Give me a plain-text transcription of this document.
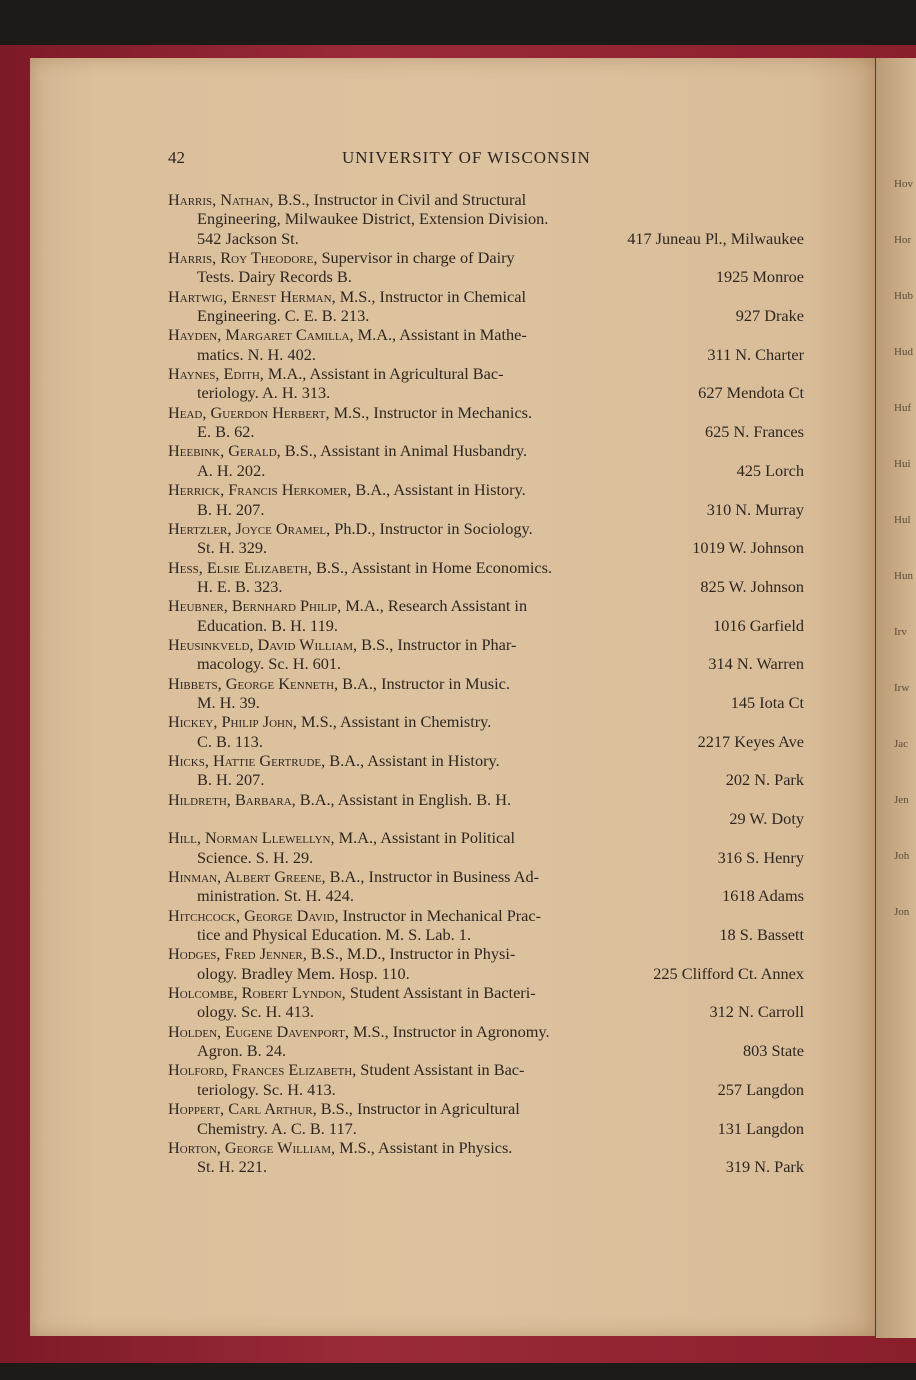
Hov
Hor
Hub
Hud
Huf
Hui
Hul
Hun
Irv
Irw
Jac
Jen
Joh
Jon
42	UNIVERSITY OF WISCONSIN
Harris, Nathan, B.S., Instructor in Civil and Structural
Engineering, Milwaukee District, Extension Division.
542 Jackson St.	417 Juneau Pl., Milwaukee
Harris, Roy Theodore, Supervisor in charge of Dairy
Tests. Dairy Records B.	1925 Monroe
Hartwig, Ernest Herman, M.S., Instructor in Chemical
Engineering. C. E. B. 213.	927 Drake
Hayden, Margaret Camilla, M.A., Assistant in Mathe-
matics. N. H. 402.	311 N. Charter
Haynes, Edith, M.A., Assistant in Agricultural Bac-
teriology. A. H. 313.	627 Mendota Ct
Head, Guerdon Herbert, M.S., Instructor in Mechanics.
E. B. 62.	625 N. Frances
Heebink, Gerald, B.S., Assistant in Animal Husbandry.
A. H. 202.	425 Lorch
Herrick, Francis Herkomer, B.A., Assistant in History.
B. H. 207.	310 N. Murray
Hertzler, Joyce Oramel, Ph.D., Instructor in Sociology.
St. H. 329.	1019 W. Johnson
Hess, Elsie Elizabeth, B.S., Assistant in Home Economics.
H. E. B. 323.	825 W. Johnson
Heubner, Bernhard Philip, M.A., Research Assistant in
Education. B. H. 119.	1016 Garfield
Heusinkveld, David William, B.S., Instructor in Phar-
macology. Sc. H. 601.	314 N. Warren
Hibbets, George Kenneth, B.A., Instructor in Music.
M. H. 39.	145 Iota Ct
Hickey, Philip John, M.S., Assistant in Chemistry.
C. B. 113.	2217 Keyes Ave
Hicks, Hattie Gertrude, B.A., Assistant in History.
B. H. 207.	202 N. Park
Hildreth, Barbara, B.A., Assistant in English. B. H.
29 W. Doty
Hill, Norman Llewellyn, M.A., Assistant in Political
Science. S. H. 29.	316 S. Henry
Hinman, Albert Greene, B.A., Instructor in Business Ad-
ministration. St. H. 424.	1618 Adams
Hitchcock, George David, Instructor in Mechanical Prac-
tice and Physical Education. M. S. Lab. 1.	18 S. Bassett
Hodges, Fred Jenner, B.S., M.D., Instructor in Physi-
ology. Bradley Mem. Hosp. 110.	225 Clifford Ct. Annex
Holcombe, Robert Lyndon, Student Assistant in Bacteri-
ology. Sc. H. 413.	312 N. Carroll
Holden, Eugene Davenport, M.S., Instructor in Agronomy.
Agron. B. 24.	803 State
Holford, Frances Elizabeth, Student Assistant in Bac-
teriology. Sc. H. 413.	257 Langdon
Hoppert, Carl Arthur, B.S., Instructor in Agricultural
Chemistry. A. C. B. 117.	131 Langdon
Horton, George William, M.S., Assistant in Physics.
St. H. 221.	319 N. Park
